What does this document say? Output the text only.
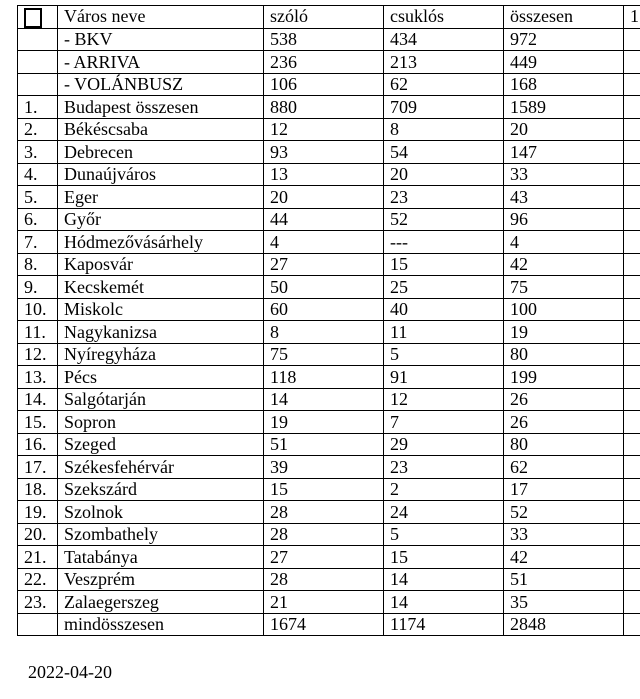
	Város neve	szóló	csuklós	összesen	1
	- BKV	538	434	972	
	- ARRIVA	236	213	449	
	- VOLÁNBUSZ	106	62	168	
1.	Budapest összesen	880	709	1589	
2.	Békéscsaba	12	8	20	
3.	Debrecen	93	54	147	
4.	Dunaújváros	13	20	33	
5.	Eger	20	23	43	
6.	Győr	44	52	96	
7.	Hódmezővásárhely	4	---	4	
8.	Kaposvár	27	15	42	
9.	Kecskemét	50	25	75	
10.	Miskolc	60	40	100	
11.	Nagykanizsa	8	11	19	
12.	Nyíregyháza	75	5	80	
13.	Pécs	118	91	199	
14.	Salgótarján	14	12	26	
15.	Sopron	19	7	26	
16.	Szeged	51	29	80	
17.	Székesfehérvár	39	23	62	
18.	Szekszárd	15	2	17	
19.	Szolnok	28	24	52	
20.	Szombathely	28	5	33	
21.	Tatabánya	27	15	42	
22.	Veszprém	28	14	51	
23.	Zalaegerszeg	21	14	35	
	mindösszesen	1674	1174	2848	
2022-04-20
